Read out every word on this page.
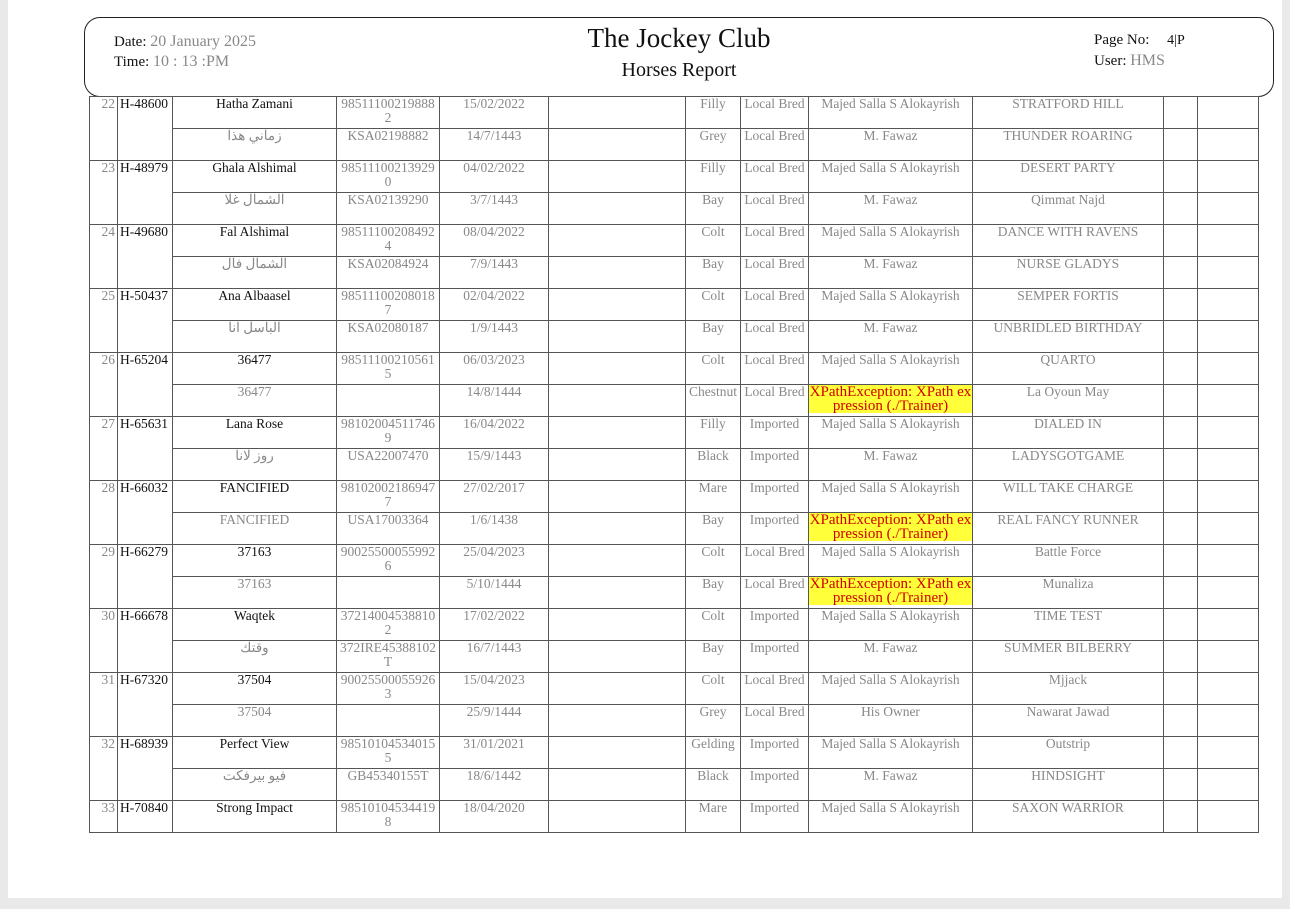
Date: 20 January 2025
Time: 10 : 13 :PM
The Jockey Club
Horses Report
Page No: 4|P
User: HMS
22	H-48600	Hatha Zamani	985111002198882	15/02/2022		Filly	Local Bred	Majed Salla S Alokayrish	STRATFORD HILL		
		زماني هذا	KSA02198882	14/7/1443		Grey	Local Bred	M. Fawaz	THUNDER ROARING		
23	H-48979	Ghala Alshimal	985111002139290	04/02/2022		Filly	Local Bred	Majed Salla S Alokayrish	DESERT PARTY		
		الشمال غلا	KSA02139290	3/7/1443		Bay	Local Bred	M. Fawaz	Qimmat Najd		
24	H-49680	Fal Alshimal	985111002084924	08/04/2022		Colt	Local Bred	Majed Salla S Alokayrish	DANCE WITH RAVENS		
		الشمال فال	KSA02084924	7/9/1443		Bay	Local Bred	M. Fawaz	NURSE GLADYS		
25	H-50437	Ana Albaasel	985111002080187	02/04/2022		Colt	Local Bred	Majed Salla S Alokayrish	SEMPER FORTIS		
		الباسل انا	KSA02080187	1/9/1443		Bay	Local Bred	M. Fawaz	UNBRIDLED BIRTHDAY		
26	H-65204	36477	985111002105615	06/03/2023		Colt	Local Bred	Majed Salla S Alokayrish	QUARTO		
		36477		14/8/1444		Chestnut	Local Bred	XPathException: XPath expression (./Trainer)	La Oyoun May		
27	H-65631	Lana Rose	981020045117469	16/04/2022		Filly	Imported	Majed Salla S Alokayrish	DIALED IN		
		روز لانا	USA22007470	15/9/1443		Black	Imported	M. Fawaz	LADYSGOTGAME		
28	H-66032	FANCIFIED	981020021869477	27/02/2017		Mare	Imported	Majed Salla S Alokayrish	WILL TAKE CHARGE		
		FANCIFIED	USA17003364	1/6/1438		Bay	Imported	XPathException: XPath expression (./Trainer)	REAL FANCY RUNNER		
29	H-66279	37163	900255000559926	25/04/2023		Colt	Local Bred	Majed Salla S Alokayrish	Battle Force		
		37163		5/10/1444		Bay	Local Bred	XPathException: XPath expression (./Trainer)	Munaliza		
30	H-66678	Waqtek	372140045388102	17/02/2022		Colt	Imported	Majed Salla S Alokayrish	TIME TEST		
		وقتك	372IRE45388102T	16/7/1443		Bay	Imported	M. Fawaz	SUMMER BILBERRY		
31	H-67320	37504	900255000559263	15/04/2023		Colt	Local Bred	Majed Salla S Alokayrish	Mjjack		
		37504		25/9/1444		Grey	Local Bred	His Owner	Nawarat Jawad		
32	H-68939	Perfect View	985101045340155	31/01/2021		Gelding	Imported	Majed Salla S Alokayrish	Outstrip		
		فيو بيرفكت	GB45340155T	18/6/1442		Black	Imported	M. Fawaz	HINDSIGHT		
33	H-70840	Strong Impact	985101045344198	18/04/2020		Mare	Imported	Majed Salla S Alokayrish	SAXON WARRIOR		
